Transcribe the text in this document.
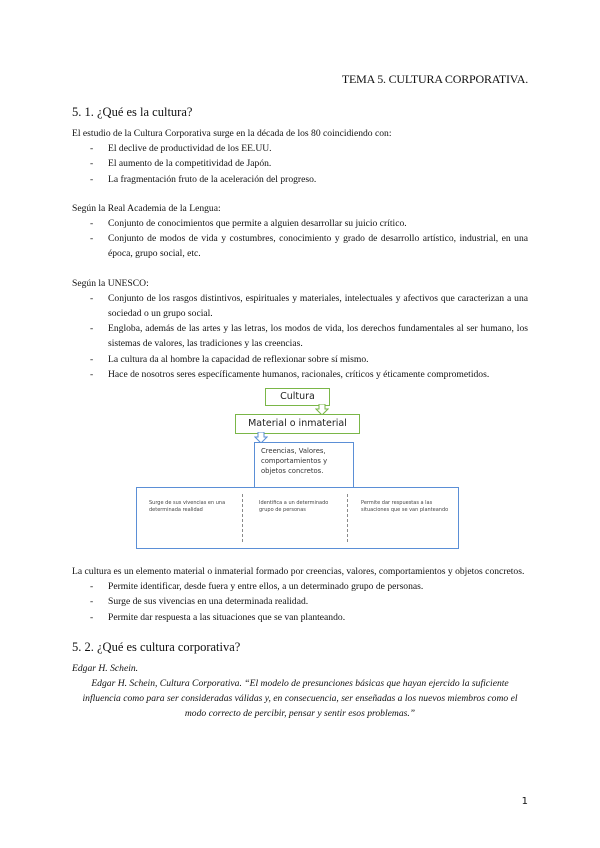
TEMA 5. CULTURA CORPORATIVA.
5. 1. ¿Qué es la cultura?

El estudio de la Cultura Corporativa surge en la década de los 80 coincidiendo con:

- El declive de productividad de los EE.UU.
- El aumento de la competitividad de Japón.
- La fragmentación fruto de la aceleración del progreso.

Según la Real Academia de la Lengua:

- Conjunto de conocimientos que permite a alguien desarrollar su juicio crítico.
- Conjunto de modos de vida y costumbres, conocimiento y grado de desarrollo artístico, industrial, en una época, grupo social, etc.

Según la UNESCO:

- Conjunto de los rasgos distintivos, espirituales y materiales, intelectuales y afectivos que caracterizan a una sociedad o un grupo social.
- Engloba, además de las artes y las letras, los modos de vida, los derechos fundamentales al ser humano, los sistemas de valores, las tradiciones y las creencias.
- La cultura da al hombre la capacidad de reflexionar sobre sí mismo.
- Hace de nosotros seres específicamente humanos, racionales, críticos y éticamente comprometidos.
Cultura
Material o inmaterial
Creencias, Valores, comportamientos y objetos concretos.
Surge de sus vivencias en una determinada realidad
Identifica a un determinado grupo de personas
Permite dar respuestas a las situaciones que se van planteando

La cultura es un elemento material o inmaterial formado por creencias, valores, comportamientos y objetos concretos.

- Permite identificar, desde fuera y entre ellos, a un determinado grupo de personas.
- Surge de sus vivencias en una determinada realidad.
- Permite dar respuesta a las situaciones que se van planteando.
5. 2. ¿Qué es cultura corporativa?

Edgar H. Schein.

Edgar H. Schein, Cultura Corporativa. “El modelo de presunciones básicas que hayan ejercido la suficiente influencia como para ser consideradas válidas y, en consecuencia, ser enseñadas a los nuevos miembros como el modo correcto de percibir, pensar y sentir esos problemas.”

1
